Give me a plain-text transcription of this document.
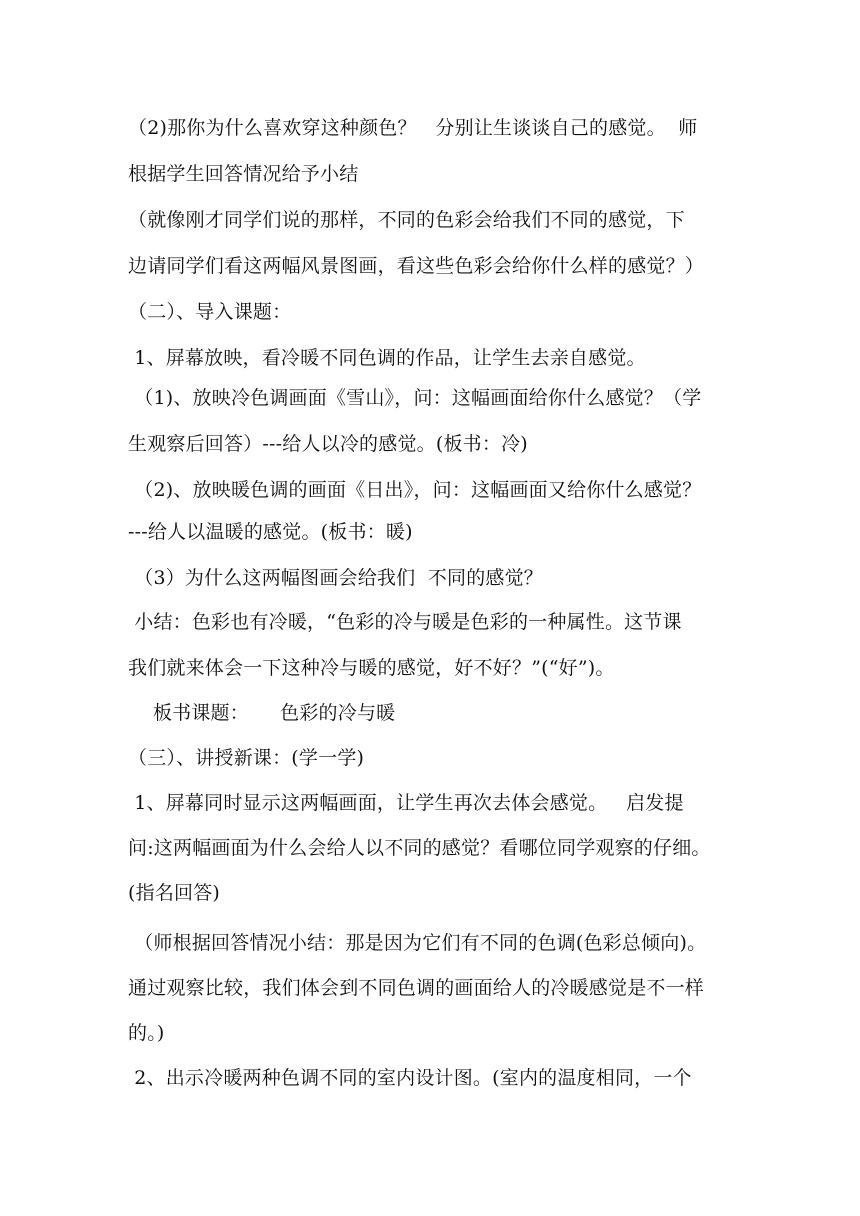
（2)那你为什么喜欢穿这种颜色？   分别让生谈谈自己的感觉。  师
根据学生回答情况给予小结
（就像刚才同学们说的那样，不同的色彩会给我们不同的感觉，下
边请同学们看这两幅风景图画，看这些色彩会给你什么样的感觉？）
（二）、导入课题：
1、屏幕放映，看冷暖不同色调的作品，让学生去亲自感觉。
（1)、放映冷色调画面《雪山》，问：这幅画面给你什么感觉？（学
生观察后回答）---给人以冷的感觉。(板书：冷)
（2)、放映暖色调的画面《日出》，问：这幅画面又给你什么感觉？
---给人以温暖的感觉。(板书：暖)
（3）为什么这两幅图画会给我们  不同的感觉？
小结：色彩也有冷暖，“色彩的冷与暖是色彩的一种属性。这节课
我们就来体会一下这种冷与暖的感觉，好不好？”(“好”)。
板书课题：     色彩的冷与暖
（三）、讲授新课：(学一学)
1、屏幕同时显示这两幅画面，让学生再次去体会感觉。   启发提
问:这两幅画面为什么会给人以不同的感觉？看哪位同学观察的仔细。
(指名回答)
（师根据回答情况小结：那是因为它们有不同的色调(色彩总倾向)。
通过观察比较，我们体会到不同色调的画面给人的冷暖感觉是不一样
的。)
2、出示冷暖两种色调不同的室内设计图。(室内的温度相同，一个
